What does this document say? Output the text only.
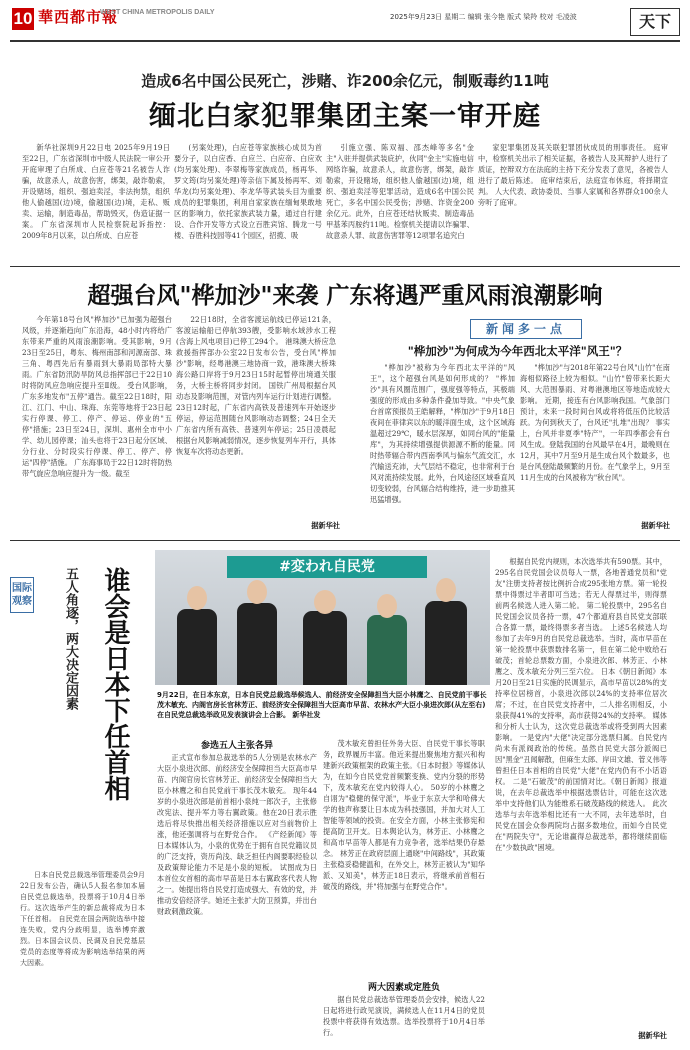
10 華西都市報
WEST CHINA METROPOLIS DAILY
2025年9月23日 星期二 编辑 张今艳 版式 梁羚 校对 毛凌波	天下
造成6名中国公民死亡，涉赌、诈200余亿元，制贩毒约11吨
缅北白家犯罪集团主案一审开庭

新华社深圳9月22日电 2025年9月19日至22日，广东省深圳市中级人民法院一审公开开庭审理了白所成、白应苍等21名被告人诈骗，故意杀人，故意伤害，绑架，敲诈勒索，开设赌场，组织、强迫卖淫，非法拘禁，组织他人偷越国(边)境，偷越国(边)境，走私、贩卖、运输，制造毒品，帮助毁灭，伪造证据一案。 广东省深圳市人民检察院起诉指控：2009年8月以来，以白所成、白应苍

(另案处理)，白应苍等家族核心成员为首要分子，以白应香、白应兰、白应帝、白应欢(均另案处理)、李翠梅等家族成员，杨再华、罗文筠(均另案处理)等亲信下属及杨再军、刘华龙(均另案处理)、李龙华等武装头目为重要成员的犯罪集团，利用自家家族在缅甸果敢地区的影响力，依托家族武装力量，通过自行建设、合作开发等方式设立百胜宾馆、腾龙一号楼、吞胜科技园等41个园区，招揽、吸

引施立强、陈双福、邵杰峰等多名"金主"入驻并提供武装庇护，伙同"金主"实施电信网络诈骗，故意杀人，故意伤害，绑架，敲诈勒索，开设赌场，组织他人偷越国(边)境，组织、强迫卖淫等犯罪活动，造成6名中国公民死亡，多名中国公民受伤；涉赌、诈资金200余亿元。此外，白应苍还结伙贩卖、制造毒品甲基苯丙胺约11吨。检察机关提请以诈骗罪、故意杀人罪、故意伤害罪等12项罪名追究白

家犯罪集团及其关联犯罪团伙成员的刑事责任。 庭审中，检察机关出示了相关证据，各被告人及其辩护人进行了质证，控辩双方在法庭的主持下充分发表了意见，各被告人进行了最后陈述。 庭审结束后，法庭宣布休庭，将择期宣判。 人大代表、政协委员、当事人家属和各界群众100余人旁听了庭审。

超强台风"桦加沙"来袭 广东将遇严重风雨浪潮影响

今年第18号台风"桦加沙"已加强为超强台风级，并逐渐趋向广东沿海，48小时内将给广东带来严重的风雨浪潮影响。受其影响，9月23日至25日，粤东、梅州南部和河源南部、珠三角、粤西先后有暴雨到大暴雨局部特大暴雨。广东省防汛防旱防风总指挥部已于22日10时将防风应急响应提升至Ⅱ级。 受台风影响，广东多地发布"五停"通告。截至22日18时，阳江、江门、中山、珠海、东莞等地将于23日起实行停课、停工、停产、停运、停业的"五停"措施；23日至24日，深圳、惠州全市中小学、幼儿园停课；汕头也将于23日起分区域、分行业、分时段实行停课、停工、停产、停运"四停"措施。 广东海事局于22日12时将防热带气旋应急响应提升为一级。截至

22日18时，全省客渡运航线已停运121条，客渡运输船已停航393艘，受影响水域涉水工程(含海上风电项目)已停工294个。 港珠澳大桥应急救援指挥部办公室22日发布公告，受台风"桦加沙"影响，经粤港澳三地协商一致，港珠澳大桥珠海公路口岸将于9月23日15时起暂停出境通关服务，大桥主桥将同步封闭。 国铁广州局根据台风动态及影响范围，对管内列车运行计划进行调整。23日12时起，广东省内高铁及普速列车开始逐步停运，停运范围随台风影响动态调整；24日全天广东省内所有高铁、普速列车停运；25日凌晨起根据台风影响减弱情况，逐步恢复列车开行，具体恢复车次将动态更新。

据新华社
新闻多一点
"桦加沙"为何成为今年西北太平洋"风王"？

"桦加沙"被称为今年西北太平洋的"风王"，这个超强台风是如何形成的？ "桦加沙"具有风圈范围广，强度强等特点，其极端强度的形成由多种条件叠加导致。"中央气象台首席预报员王皓解释，"桦加沙"于9月18日夜间在菲律宾以东的暖洋面生成，这个区域海温超过29℃，暖水层深厚，如同台风的"能量库"，为其持续增强提供源源不断的能量。同时热带辐合带内西南季风与偏东气流交汇，水汽输送充沛，大气层结不稳定，也非常利于台风对流持续发展。此外，台风途径区域垂直风切变较弱，台风辐合结构维持，进一步助推其迅猛增强。

"桦加沙"与2018年第22号台风"山竹"在南海相似路径上较为相似。"山竹"曾带来长距大风、大范围暴雨、对粤港澳地区等地造成较大影响。 近期，接连有台风影响我国。气象部门预计，未来一段时间台风或将将低压仍比较活跃。为何到秋天了，台风还"扎堆"出现？ 事实上，台风并非夏季"特产"，一年四季都会有台风生成。登陆我国的台风最早在4月，最晚则在12月，其中7月至9月是生成台风个数最多，也是台风登陆最频繁的月份。在气象学上，9月至11月生成的台风被称为"秋台风"。

据新华社
国际观察	谁会是日本下任首相
五人角逐，两大决定因素

日本自民党总裁选举管理委员会9月22日发布公告，确认5人报名参加本届自民党总裁选举，投票将于10月4日举行。这次选举产生的新总裁将成为日本下任首相。 自民党在国会两院选举中接连失败，党内分歧明显，选举博弈激烈。日本国会议员、民调及自民党基层党员的态度等将成为影响选举结果的两大因素。

#変われ自民党
9月22日，在日本东京，日本自民党总裁选举候选人、前经济安全保障担当大臣小林鹰之、自民党前干事长茂木敏充、内阁官房长官林芳正、前经济安全保障担当大臣高市早苗、农林水产大臣小泉进次郎(从左至右)在自民党总裁选举政见发表演讲会上合影。 新华社发
参选五人主张各异

正式宣布参加总裁选举的5人分别是农林水产大臣小泉进次郎、前经济安全保障担当大臣高市早苗、内阁官房长官林芳正、前经济安全保障担当大臣小林鹰之和自民党前干事长茂木敏充。 现年44岁的小泉进次郎是前首相小泉纯一郎次子，主张修改宪法、提升军力等右翼政策。他在20日表示胜选后将尽快推出相关经济措施以应对当前物价上涨，他还强调将与在野党合作。 《产经新闻》等日本媒体认为，小泉的优势在于拥有自民党籍议员的广泛支持，资历尚浅、缺乏担任内阁要职经验以及政策辩论能力不足是小泉的短板。 试图成为日本首位女首相的高市早苗是日本右翼政客代表人物之一。她提出将自民党打造成强大、有效的党，并推动安倍经济学。她还主张扩大防卫预算，并出台财政刺激政策。

茂木敏充曾担任外务大臣、自民党干事长等职务，政界履历丰富。他近来提出聚焦地方振兴和构建新兴政策框架的政策主张。《日本时报》等媒体认为，在如今自民党党首频繁变换、党内分裂的形势下，茂木敏充在党内较得人心。 50岁的小林鹰之自诩为"稳健的保守派"，毕业于东京大学和哈佛大学的他声称要让日本成为科技强国，并加大对人工智能等领域的投资。在安全方面，小林主张修宪和提高防卫开支。日本舆论认为，林芳正、小林鹰之和高市早苗等人都是有力竞争者，选举结果仍存悬念。 林芳正在政府层面上通晓"中间路线"，其政策主张稳妥稳健温和，在外交上，林芳正被认为"知华派、又知美"，林芳正18日表示，将继承前首相石破茂的路线，并"将加强与在野党合作"。

两大因素或定胜负

据自民党总裁选举管理委员会安排，候选人22日起将进行政见演说，满候选人在11月4日的党员投票中将获得有效选票。选举投票将于10月4日举行。

根据自民党内规则，本次选举共有590票。其中，295名自民党国会议员每人一票，各地普通党员和"党友"注册支持者按比例折合成295张地方票。第一轮投票中得票过半者即可当选；若无人得票过半，则得票前两名候选人进入第二轮。 第二轮投票中，295名自民党国会议员各持一票，47个都道府县自民党支部联合各算一票，最终得票多者当选。 上述5名候选人均参加了去年9月的自民党总裁选举。当时，高市早苗在第一轮投票中获票数排名第一，但在第二轮中败给石破茂；首轮总票数方面，小泉进次郎、林芳正、小林鹰之、茂木敏充分列三至六位。 日本《朝日新闻》本月20日至21日实施的民调显示，高市早苗以28%的支持率位居榜首，小泉进次郎以24%的支持率位居次席；不过，在自民党支持者中，二人排名则相反，小泉获得41%的支持率，高市获得24%的支持率。 媒体和分析人士认为，这次党总裁选举或将受到两大因素影响。 一是党内"大佬"决定部分选票归属。自民党内尚未有派阀政治的传统。虽然自民党大部分派阀已因"黑金"丑闻解散，但麻生太郎、岸田文雄、菅义伟等曾担任日本首相的自民党"大佬"在党内仍有不小话语权。 二是"石破茂"的前国情对比。《朝日新闻》报道说，在去年总裁选举中根据选票估计，可能在这次选举中支持他们认为能维系石破茂路线的候选人。 此次选举与去年选举相比还有一大不同，去年选举时，自民党在国会众参两院均占据多数地位，而如今自民党在"两院失守"，无论谁赢得总裁选举，都将继续面临在"少数执政"困境。

据新华社
